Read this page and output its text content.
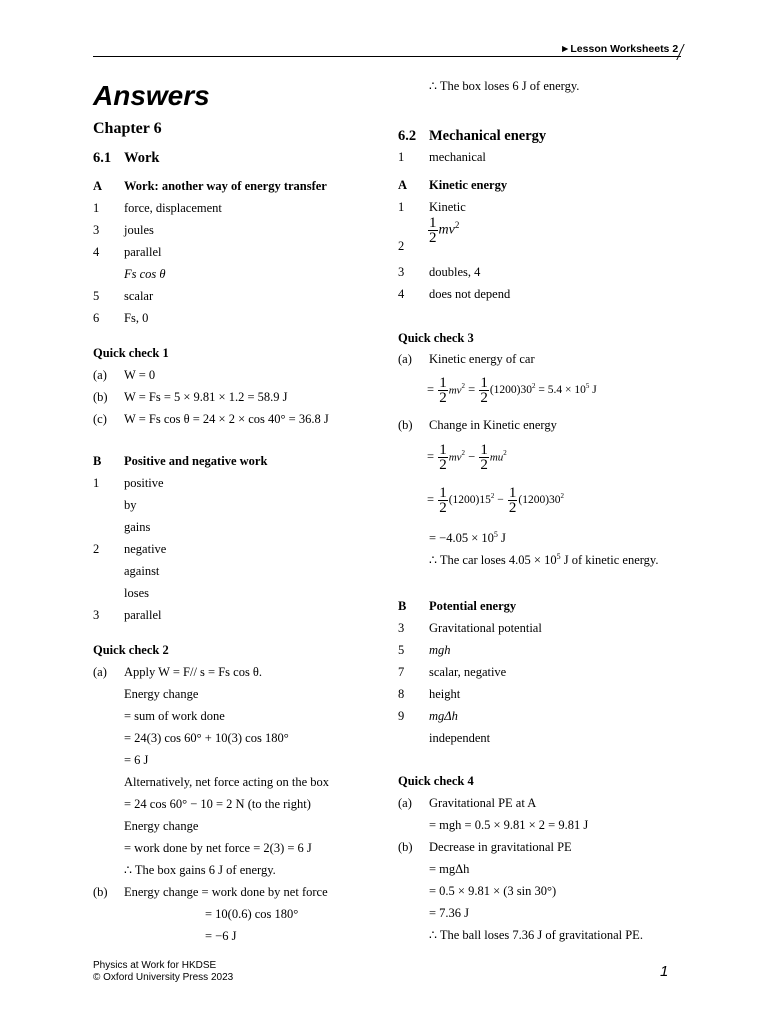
►Lesson Worksheets 2
Answers
Chapter 6
6.1 Work
A Work: another way of energy transfer
1 force, displacement
3 joules
4 parallel
Fs cos θ
5 scalar
6 Fs, 0
Quick check 1
(a) W = 0
(b) W = Fs = 5 × 9.81 × 1.2 = 58.9 J
(c) W = Fs cos θ = 24 × 2 × cos 40° = 36.8 J
B Positive and negative work
1 positive
by
gains
2 negative
against
loses
3 parallel
Quick check 2
(a) Apply W = F// s = Fs cos θ.
Energy change
= sum of work done
= 24(3) cos 60° + 10(3) cos 180°
= 6 J
Alternatively, net force acting on the box
= 24 cos 60° − 10 = 2 N (to the right)
Energy change
= work done by net force = 2(3) = 6 J
∴ The box gains 6 J of energy.
(b) Energy change = work done by net force
= 10(0.6) cos 180°
= −6 J
∴ The box loses 6 J of energy.
6.2 Mechanical energy
1 mechanical
A Kinetic energy
1 Kinetic
2
$\frac{1}{2} mv^2$
3 doubles, 4
4 does not depend
Quick check 3
(a) Kinetic energy of car
= $\frac{1}{2} mv^2 = \frac{1}{2} (1200)30^2 = 5.4 \times 10^5$ J
(b) Change in Kinetic energy
= $\frac{1}{2} mv^2 - \frac{1}{2} mu^2$
= $\frac{1}{2} (1200)15^2 - \frac{1}{2} (1200)30^2$
= $-4.05 \times 10^5$ J
∴ The car loses $4.05 \times 10^5$ J of kinetic energy.
B Potential energy
3 Gravitational potential
5 mgh
7 scalar, negative
8 height
9 mgΔh
independent
Quick check 4
(a) Gravitational PE at A
= mgh = 0.5 × 9.81 × 2 = 9.81 J
(b) Decrease in gravitational PE
= mgΔh
= 0.5 × 9.81 × (3 sin 30°)
= 7.36 J
∴ The ball loses 7.36 J of gravitational PE.
Physics at Work for HKDSE
© Oxford University Press 2023	1
